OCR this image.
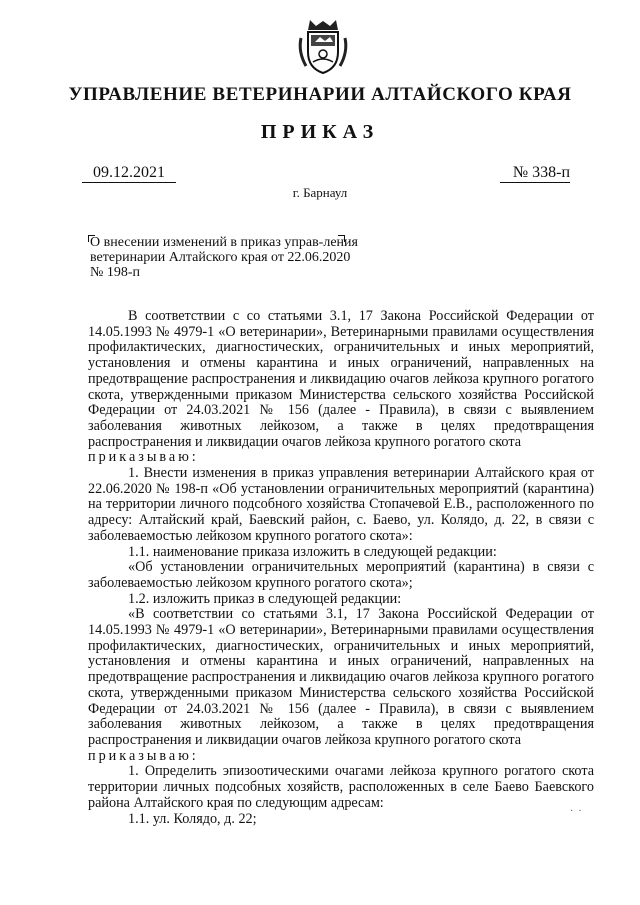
УПРАВЛЕНИЕ ВЕТЕРИНАРИИ АЛТАЙСКОГО КРАЯ
ПРИКАЗ
09.12.2021	№ 338-п
г. Барнаул
О внесении изменений в приказ управ-ления ветеринарии Алтайского края от 22.06.2020 № 198-п

В соответствии с со статьями 3.1, 17 Закона Российской Федерации от 14.05.1993 № 4979-1 «О ветеринарии», Ветеринарными правилами осуществления профилактических, диагностических, ограничительных и иных мероприятий, установления и отмены карантина и иных ограничений, направленных на предотвращение распространения и ликвидацию очагов лейкоза крупного рогатого скота, утвержденными приказом Министерства сельского хозяйства Российской Федерации от 24.03.2021 № 156 (далее - Правила), в связи с выявлением заболевания животных лейкозом, а также в целях предотвращения распространения и ликвидации очагов лейкоза крупного рогатого скота

приказываю:

1. Внести изменения в приказ управления ветеринарии Алтайского края от 22.06.2020 № 198-п «Об установлении ограничительных мероприятий (карантина) на территории личного подсобного хозяйства Стопачевой Е.В., расположенного по адресу: Алтайский край, Баевский район, с. Баево, ул. Колядо, д. 22, в связи с заболеваемостью лейкозом крупного рогатого скота»:

1.1. наименование приказа изложить в следующей редакции:

«Об установлении ограничительных мероприятий (карантина) в связи с заболеваемостью лейкозом крупного рогатого скота»;

1.2. изложить приказ в следующей редакции:

«В соответствии со статьями 3.1, 17 Закона Российской Федерации от 14.05.1993 № 4979-1 «О ветеринарии», Ветеринарными правилами осуществления профилактических, диагностических, ограничительных и иных мероприятий, установления и отмены карантина и иных ограничений, направленных на предотвращение распространения и ликвидацию очагов лейкоза крупного рогатого скота, утвержденными приказом Министерства сельского хозяйства Российской Федерации от 24.03.2021 № 156 (далее - Правила), в связи с выявлением заболевания животных лейкозом, а также в целях предотвращения распространения и ликвидации очагов лейкоза крупного рогатого скота

приказываю:

1. Определить эпизоотическими очагами лейкоза крупного рогатого скота территории личных подсобных хозяйств, расположенных в селе Баево Баевского района Алтайского края по следующим адресам:

1.1. ул. Колядо, д. 22;	·  ·
